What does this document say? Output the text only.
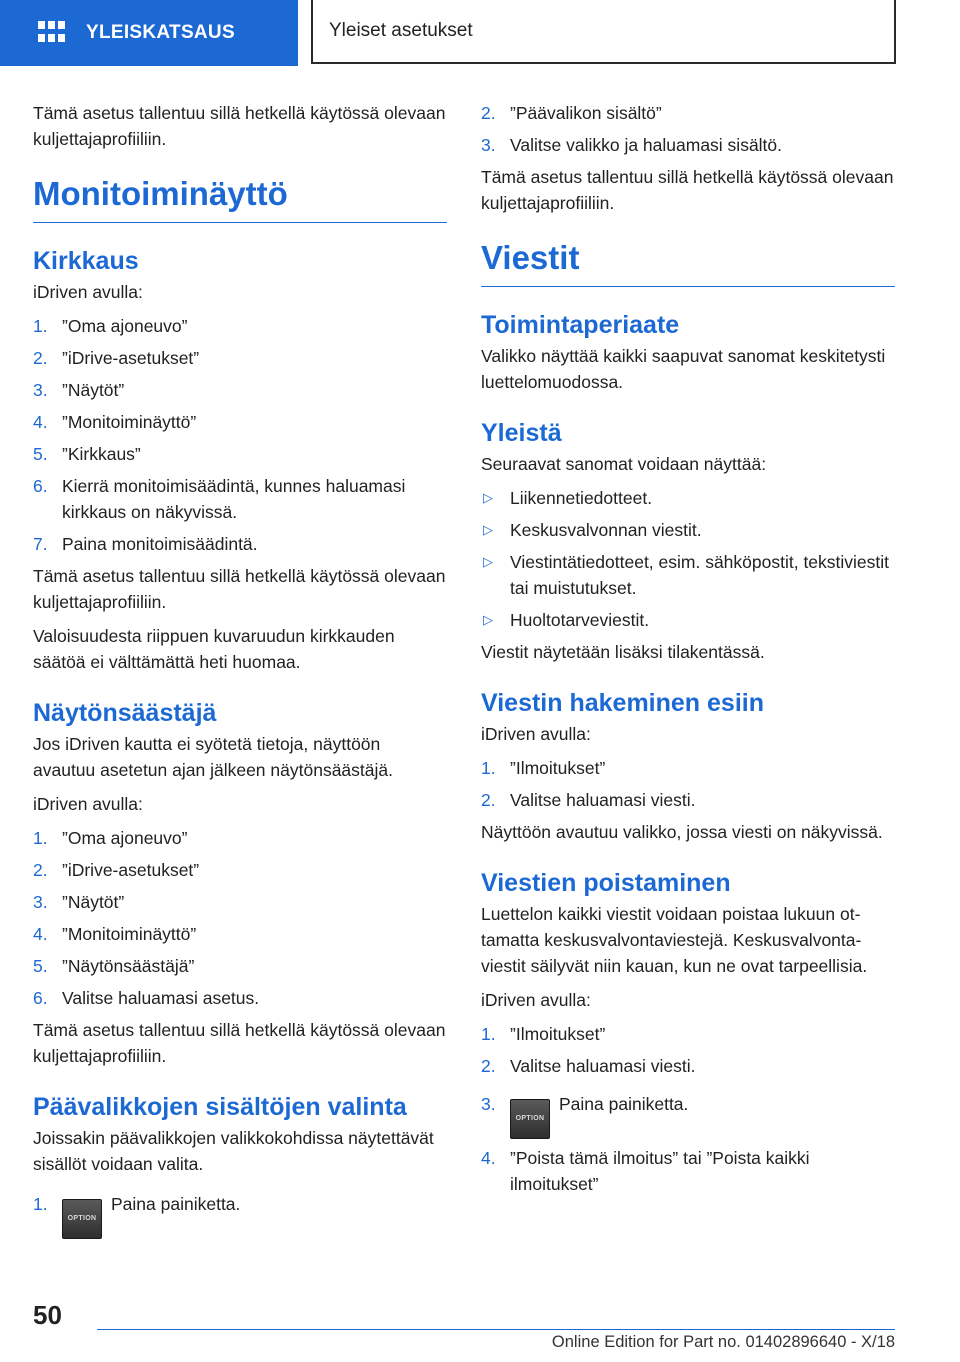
YLEISKATSAUS	Yleiset asetukset

Tämä asetus tallentuu sillä hetkellä käytössä olevaan kuljettajaprofiiliin.

Monitoiminäyttö
Kirkkaus

iDriven avulla:

1. ”Oma ajoneuvo”
2. ”iDrive-asetukset”
3. ”Näytöt”
4. ”Monitoiminäyttö”
5. ”Kirkkaus”
6. Kierrä monitoimisäädintä, kunnes haluamasi kirkkaus on näkyvissä.
7. Paina monitoimisäädintä.

Tämä asetus tallentuu sillä hetkellä käytössä olevaan kuljettajaprofiiliin.

Valoisuudesta riippuen kuvaruudun kirkkauden säätöä ei välttämättä heti huomaa.

Näytönsäästäjä

Jos iDriven kautta ei syötetä tietoja, näyttöön avautuu asetetun ajan jälkeen näytönsäästäjä.

iDriven avulla:

1. ”Oma ajoneuvo”
2. ”iDrive-asetukset”
3. ”Näytöt”
4. ”Monitoiminäyttö”
5. ”Näytönsäästäjä”
6. Valitse haluamasi asetus.

Tämä asetus tallentuu sillä hetkellä käytössä olevaan kuljettajaprofiiliin.

Päävalikkojen sisältöjen valinta

Joissakin päävalikkojen valikkokohdissa näytettävät sisällöt voidaan valita.

1.
OPTIONPaina painiketta.
2. ”Päävalikon sisältö”
3. Valitse valikko ja haluamasi sisältö.

Tämä asetus tallentuu sillä hetkellä käytössä olevaan kuljettajaprofiiliin.

Viestit
Toimintaperiaate

Valikko näyttää kaikki saapuvat sanomat keskitetysti luettelomuodossa.

Yleistä

Seuraavat sanomat voidaan näyttää:

▷ Liikennetiedotteet.
▷ Keskusvalvonnan viestit.
▷ Viestintätiedotteet, esim. sähköpostit, tekstiviestit tai muistutukset.
▷ Huoltotarveviestit.

Viestit näytetään lisäksi tilakentässä.

Viestin hakeminen esiin

iDriven avulla:

1. ”Ilmoitukset”
2. Valitse haluamasi viesti.

Näyttöön avautuu valikko, jossa viesti on näkyvissä.

Viestien poistaminen

Luettelon kaikki viestit voidaan poistaa lukuun ottamatta keskusvalvontaviestejä. Keskusvalvontaviestit säilyvät niin kauan, kun ne ovat tarpeellisia.

iDriven avulla:

1. ”Ilmoitukset”
2. Valitse haluamasi viesti.
3.
OPTIONPaina painiketta.
4. ”Poista tämä ilmoitus” tai ”Poista kaikki ilmoitukset”
50
Online Edition for Part no. 01402896640 - X/18
